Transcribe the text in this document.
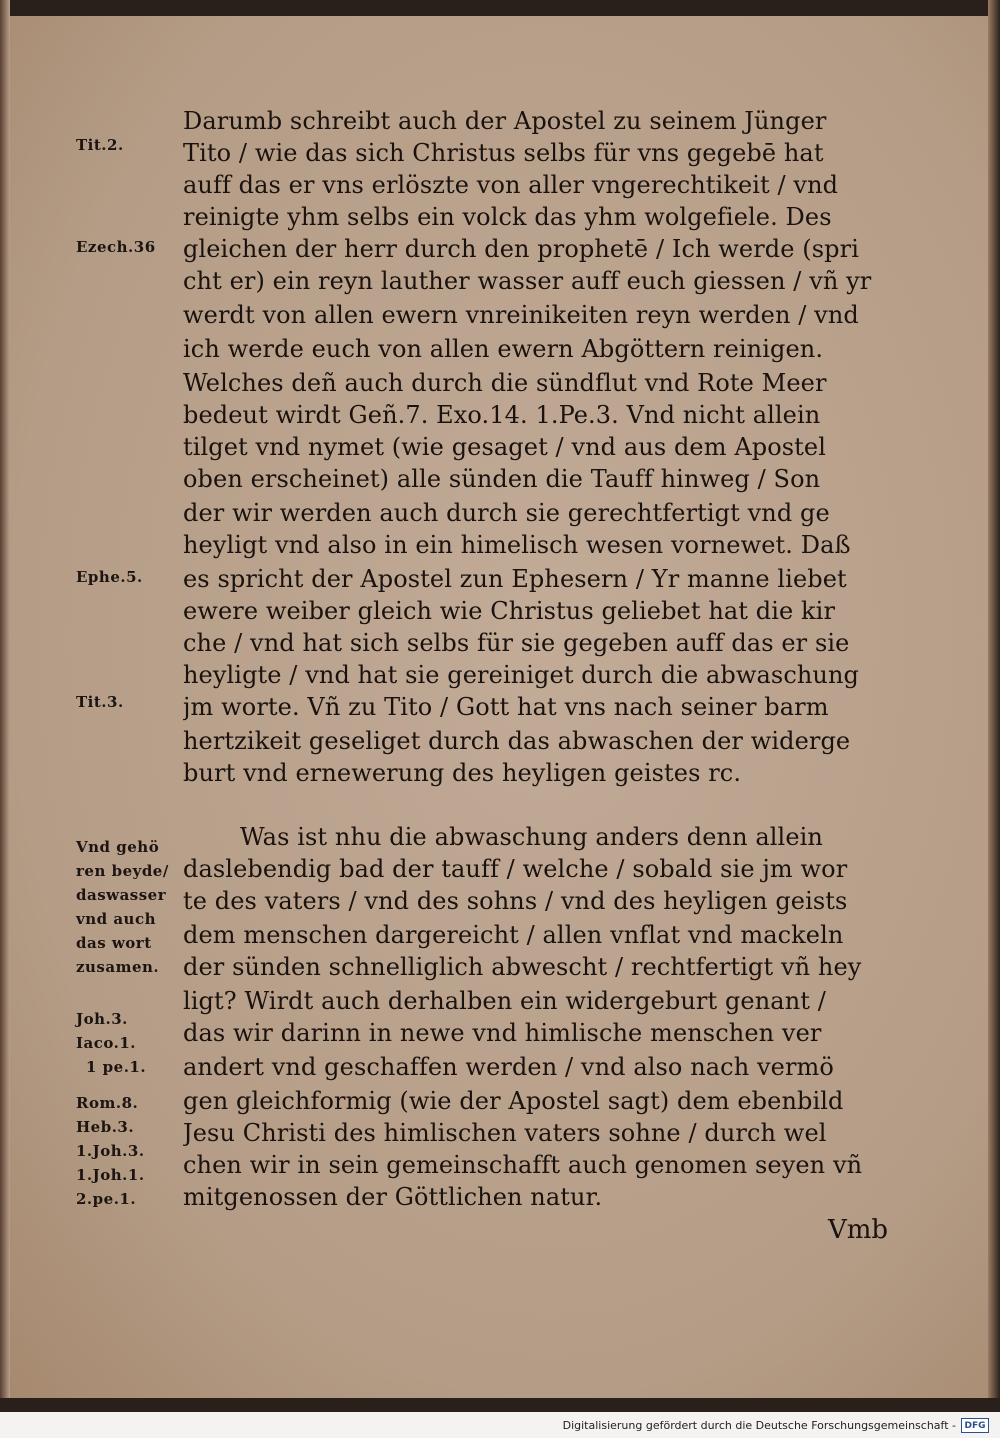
Tit.2.
Ezech.36
Ephe.5.
Tit.3.
Vnd gehö
ren beyde/
daswasser
vnd auch
das wort
zusamen.
Joh.3.
Iaco.1.
1 pe.1.
Rom.8.
Heb.3.
1.Joh.3.
1.Joh.1.
2.pe.1.
Darumb schreibt auch der Apostel zu seinem Jünger
Tito / wie das sich Christus selbs für vns gegebē hat
auff das er vns erlöszte von aller vngerechtikeit / vnd
reinigte yhm selbs ein volck das yhm wolgefiele. Des
gleichen der herr durch den prophetē / Ich werde (spri
cht er) ein reyn lauther wasser auff euch giessen / vñ yr
werdt von allen ewern vnreinikeiten reyn werden / vnd
ich werde euch von allen ewern Abgöttern reinigen.
Welches deñ auch durch die sündflut vnd Rote Meer
bedeut wirdt Geñ.7. Exo.14. 1.Pe.3. Vnd nicht allein
tilget vnd nymet (wie gesaget / vnd aus dem Apostel
oben erscheinet) alle sünden die Tauff hinweg / Son
der wir werden auch durch sie gerechtfertigt vnd ge
heyligt vnd also in ein himelisch wesen vornewet. Daß
es spricht der Apostel zun Ephesern / Yr manne liebet
ewere weiber gleich wie Christus geliebet hat die kir
che / vnd hat sich selbs für sie gegeben auff das er sie
heyligte / vnd hat sie gereiniget durch die abwaschung
jm worte. Vñ zu Tito / Gott hat vns nach seiner barm
hertzikeit geseliget durch das abwaschen der widerge
burt vnd ernewerung des heyligen geistes rc.
Was ist nhu die abwaschung anders denn allein
daslebendig bad der tauff / welche / sobald sie jm wor
te des vaters / vnd des sohns / vnd des heyligen geists
dem menschen dargereicht / allen vnflat vnd mackeln
der sünden schnelliglich abwescht / rechtfertigt vñ hey
ligt? Wirdt auch derhalben ein widergeburt genant /
das wir darinn in newe vnd himlische menschen ver
andert vnd geschaffen werden / vnd also nach vermö
gen gleichformig (wie der Apostel sagt) dem ebenbild
Jesu Christi des himlischen vaters sohne / durch wel
chen wir in sein gemeinschafft auch genomen seyen vñ
mitgenossen der Göttlichen natur.
Vmb
Digitalisierung gefördert durch die Deutsche Forschungsgemeinschaft - DFG
